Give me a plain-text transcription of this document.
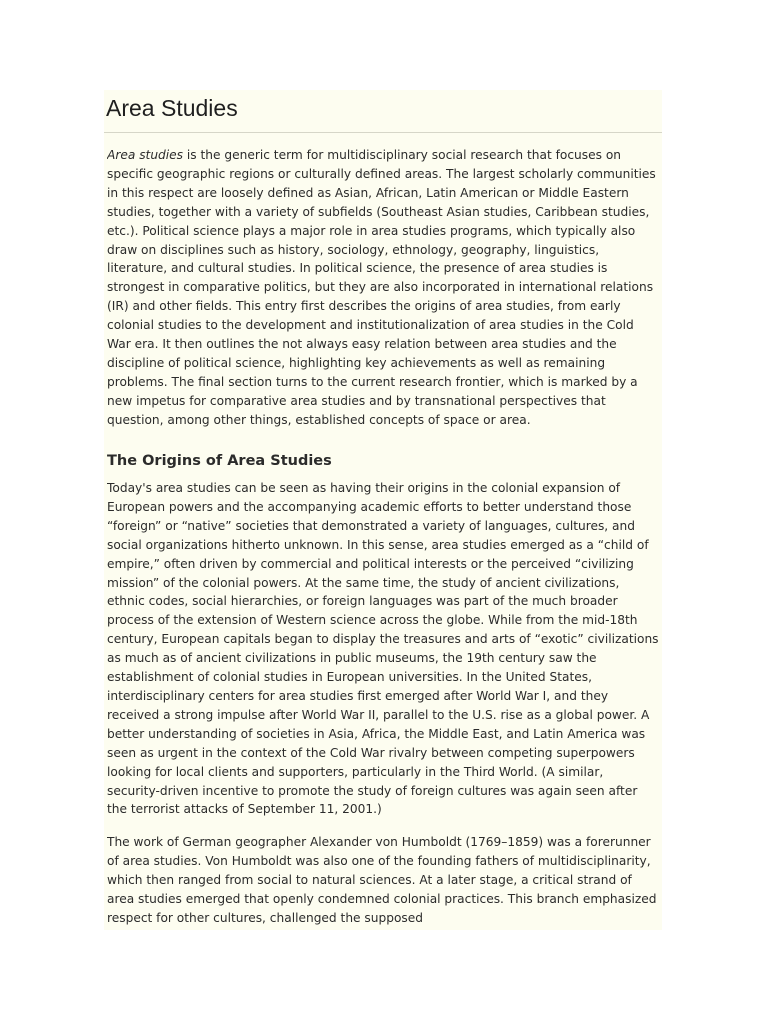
Area Studies

Area studies is the generic term for multidisciplinary social research that focuses on specific geographic regions or culturally defined areas. The largest scholarly communities in this respect are loosely defined as Asian, African, Latin American or Middle Eastern studies, together with a variety of subfields (Southeast Asian studies, Caribbean studies, etc.). Political science plays a major role in area studies programs, which typically also draw on disciplines such as history, sociology, ethnology, geography, linguistics, literature, and cultural studies. In political science, the presence of area studies is strongest in comparative politics, but they are also incorporated in international relations (IR) and other fields. This entry first describes the origins of area studies, from early colonial studies to the development and institutionalization of area studies in the Cold War era. It then outlines the not always easy relation between area studies and the discipline of political science, highlighting key achievements as well as remaining problems. The final section turns to the current research frontier, which is marked by a new impetus for comparative area studies and by transnational perspectives that question, among other things, established concepts of space or area.

The Origins of Area Studies

Today's area studies can be seen as having their origins in the colonial expansion of European powers and the accompanying academic efforts to better understand those “foreign” or “native” societies that demonstrated a variety of languages, cultures, and social organizations hitherto unknown. In this sense, area studies emerged as a “child of empire,” often driven by commercial and political interests or the perceived “civilizing mission” of the colonial powers. At the same time, the study of ancient civilizations, ethnic codes, social hierarchies, or foreign languages was part of the much broader process of the extension of Western science across the globe. While from the mid-18th century, European capitals began to display the treasures and arts of “exotic” civilizations as much as of ancient civilizations in public museums, the 19th century saw the establishment of colonial studies in European universities. In the United States, interdisciplinary centers for area studies first emerged after World War I, and they received a strong impulse after World War II, parallel to the U.S. rise as a global power. A better understanding of societies in Asia, Africa, the Middle East, and Latin America was seen as urgent in the context of the Cold War rivalry between competing superpowers looking for local clients and supporters, particularly in the Third World. (A similar, security-driven incentive to promote the study of foreign cultures was again seen after the terrorist attacks of September 11, 2001.)

The work of German geographer Alexander von Humboldt (1769–1859) was a forerunner of area studies. Von Humboldt was also one of the founding fathers of multidisciplinarity, which then ranged from social to natural sciences. At a later stage, a critical strand of area studies emerged that openly condemned colonial practices. This branch emphasized respect for other cultures, challenged the supposed
